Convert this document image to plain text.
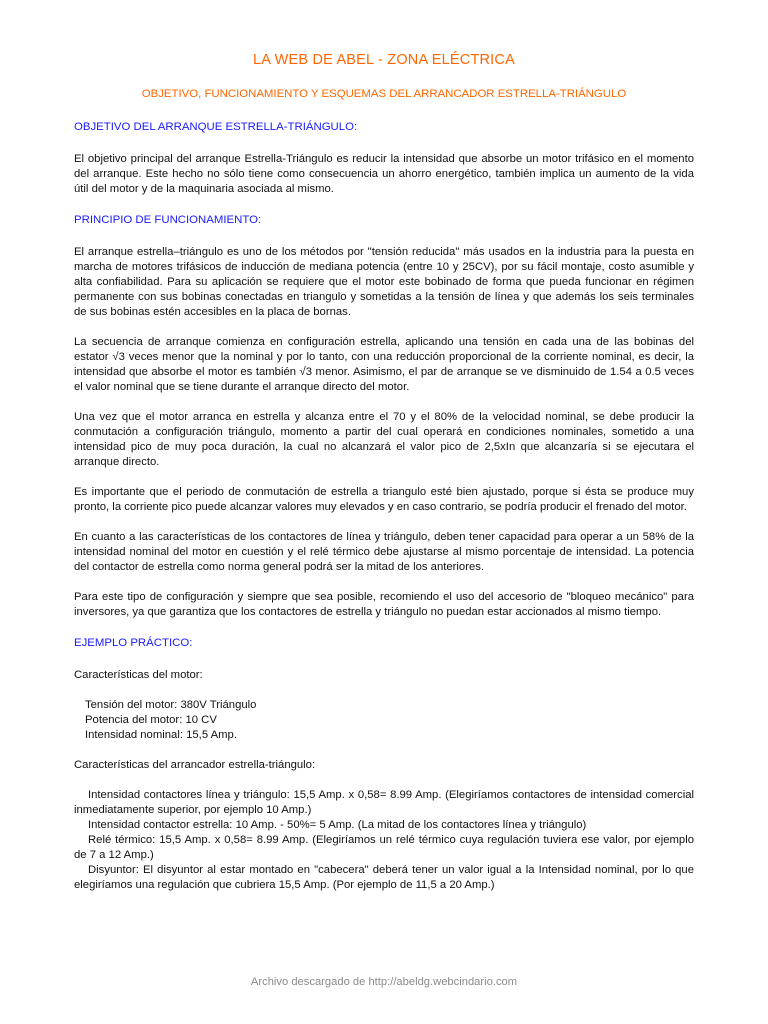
LA WEB DE ABEL - ZONA ELÉCTRICA
OBJETIVO, FUNCIONAMIENTO Y ESQUEMAS DEL ARRANCADOR ESTRELLA-TRIÁNGULO
OBJETIVO DEL ARRANQUE ESTRELLA-TRIÁNGULO:

El objetivo principal del arranque Estrella-Triángulo es reducir la intensidad que absorbe un motor trifásico en el momento del arranque. Este hecho no sólo tiene como consecuencia un ahorro energético, también implica un aumento de la vida útil del motor y de la maquinaria asociada al mismo.

PRINCIPIO DE FUNCIONAMIENTO:

El arranque estrella–triángulo es uno de los métodos por "tensión reducida" más usados en la industria para la puesta en marcha de motores trifásicos de inducción de mediana potencia (entre 10 y 25CV), por su fácil montaje, costo asumible y alta confiabilidad. Para su aplicación se requiere que el motor este bobinado de forma que pueda funcionar en régimen permanente con sus bobinas conectadas en triangulo y sometidas a la tensión de línea y que además los seis terminales de sus bobinas estén accesibles en la placa de bornas.

La secuencia de arranque comienza en configuración estrella, aplicando una tensión en cada una de las bobinas del estator √3 veces menor que la nominal y por lo tanto, con una reducción proporcional de la corriente nominal, es decir, la intensidad que absorbe el motor es también √3 menor. Asimismo, el par de arranque se ve disminuido de 1.54 a 0.5 veces el valor nominal que se tiene durante el arranque directo del motor.

Una vez que el motor arranca en estrella y alcanza entre el 70 y el 80% de la velocidad nominal, se debe producir la conmutación a configuración triángulo, momento a partir del cual operará en condiciones nominales, sometido a una intensidad pico de muy poca duración, la cual no alcanzará el valor pico de 2,5xIn que alcanzaría si se ejecutara el arranque directo.

Es importante que el periodo de conmutación de estrella a triangulo esté bien ajustado, porque si ésta se produce muy pronto, la corriente pico puede alcanzar valores muy elevados y en caso contrario, se podría producir el frenado del motor.

En cuanto a las características de los contactores de línea y triángulo, deben tener capacidad para operar a un 58% de la intensidad nominal del motor en cuestión y el relé térmico debe ajustarse al mismo porcentaje de intensidad. La potencia del contactor de estrella como norma general podrá ser la mitad de los anteriores.

Para este tipo de configuración y siempre que sea posible, recomiendo el uso del accesorio de "bloqueo mecánico" para inversores, ya que garantiza que los contactores de estrella y triángulo no puedan estar accionados al mismo tiempo.

EJEMPLO PRÁCTICO:

Características del motor:

Tensión del motor: 380V Triángulo

Potencia del motor: 10 CV

Intensidad nominal: 15,5 Amp.

Características del arrancador estrella-triángulo:

Intensidad contactores línea y triángulo: 15,5 Amp. x 0,58= 8.99 Amp. (Elegiríamos contactores de intensidad comercial inmediatamente superior, por ejemplo 10 Amp.)

Intensidad contactor estrella: 10 Amp. - 50%= 5 Amp. (La mitad de los contactores línea y triángulo)

Relé térmico: 15,5 Amp. x 0,58= 8.99 Amp. (Elegiríamos un relé térmico cuya regulación tuviera ese valor, por ejemplo de 7 a 12 Amp.)

Disyuntor: El disyuntor al estar montado en "cabecera" deberá tener un valor igual a la Intensidad nominal, por lo que elegiríamos una regulación que cubriera 15,5 Amp. (Por ejemplo de 11,5 a 20 Amp.)

Archivo descargado de http://abeldg.webcindario.com
